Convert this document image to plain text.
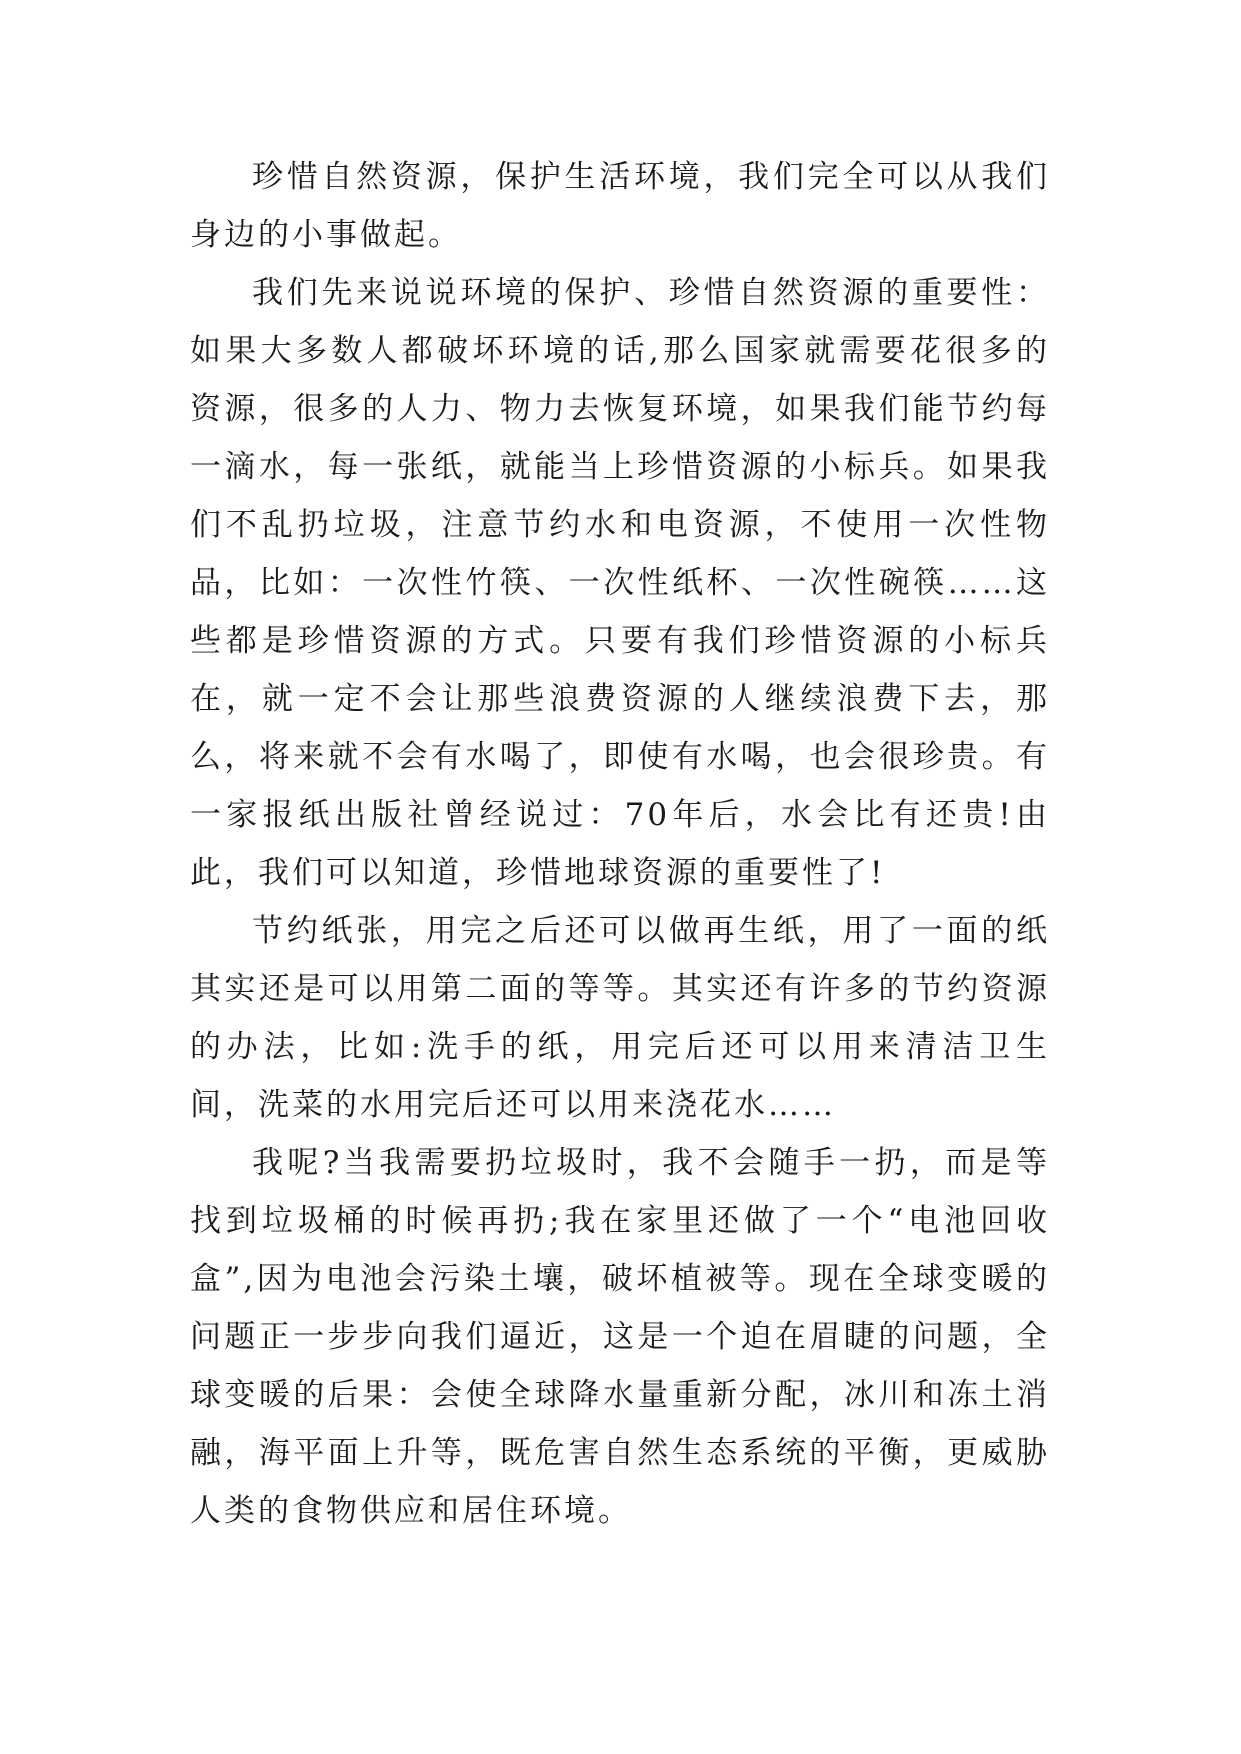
珍惜自然资源，保护生活环境，我们完全可以从我们身边的小事做起。

我们先来说说环境的保护、珍惜自然资源的重要性：如果大多数人都破坏环境的话,那么国家就需要花很多的资源，很多的人力、物力去恢复环境，如果我们能节约每一滴水，每一张纸，就能当上珍惜资源的小标兵。如果我们不乱扔垃圾，注意节约水和电资源，不使用一次性物品，比如：一次性竹筷、一次性纸杯、一次性碗筷……这些都是珍惜资源的方式。只要有我们珍惜资源的小标兵在，就一定不会让那些浪费资源的人继续浪费下去，那么，将来就不会有水喝了，即使有水喝，也会很珍贵。有一家报纸出版社曾经说过：70年后，水会比有还贵!由此，我们可以知道，珍惜地球资源的重要性了!

节约纸张，用完之后还可以做再生纸，用了一面的纸其实还是可以用第二面的等等。其实还有许多的节约资源的办法，比如:洗手的纸，用完后还可以用来清洁卫生间，洗菜的水用完后还可以用来浇花水……

我呢?当我需要扔垃圾时，我不会随手一扔，而是等找到垃圾桶的时候再扔;我在家里还做了一个“电池回收盒”,因为电池会污染土壤，破坏植被等。现在全球变暖的问题正一步步向我们逼近，这是一个迫在眉睫的问题，全球变暖的后果：会使全球降水量重新分配，冰川和冻土消融，海平面上升等，既危害自然生态系统的平衡，更威胁人类的食物供应和居住环境。
